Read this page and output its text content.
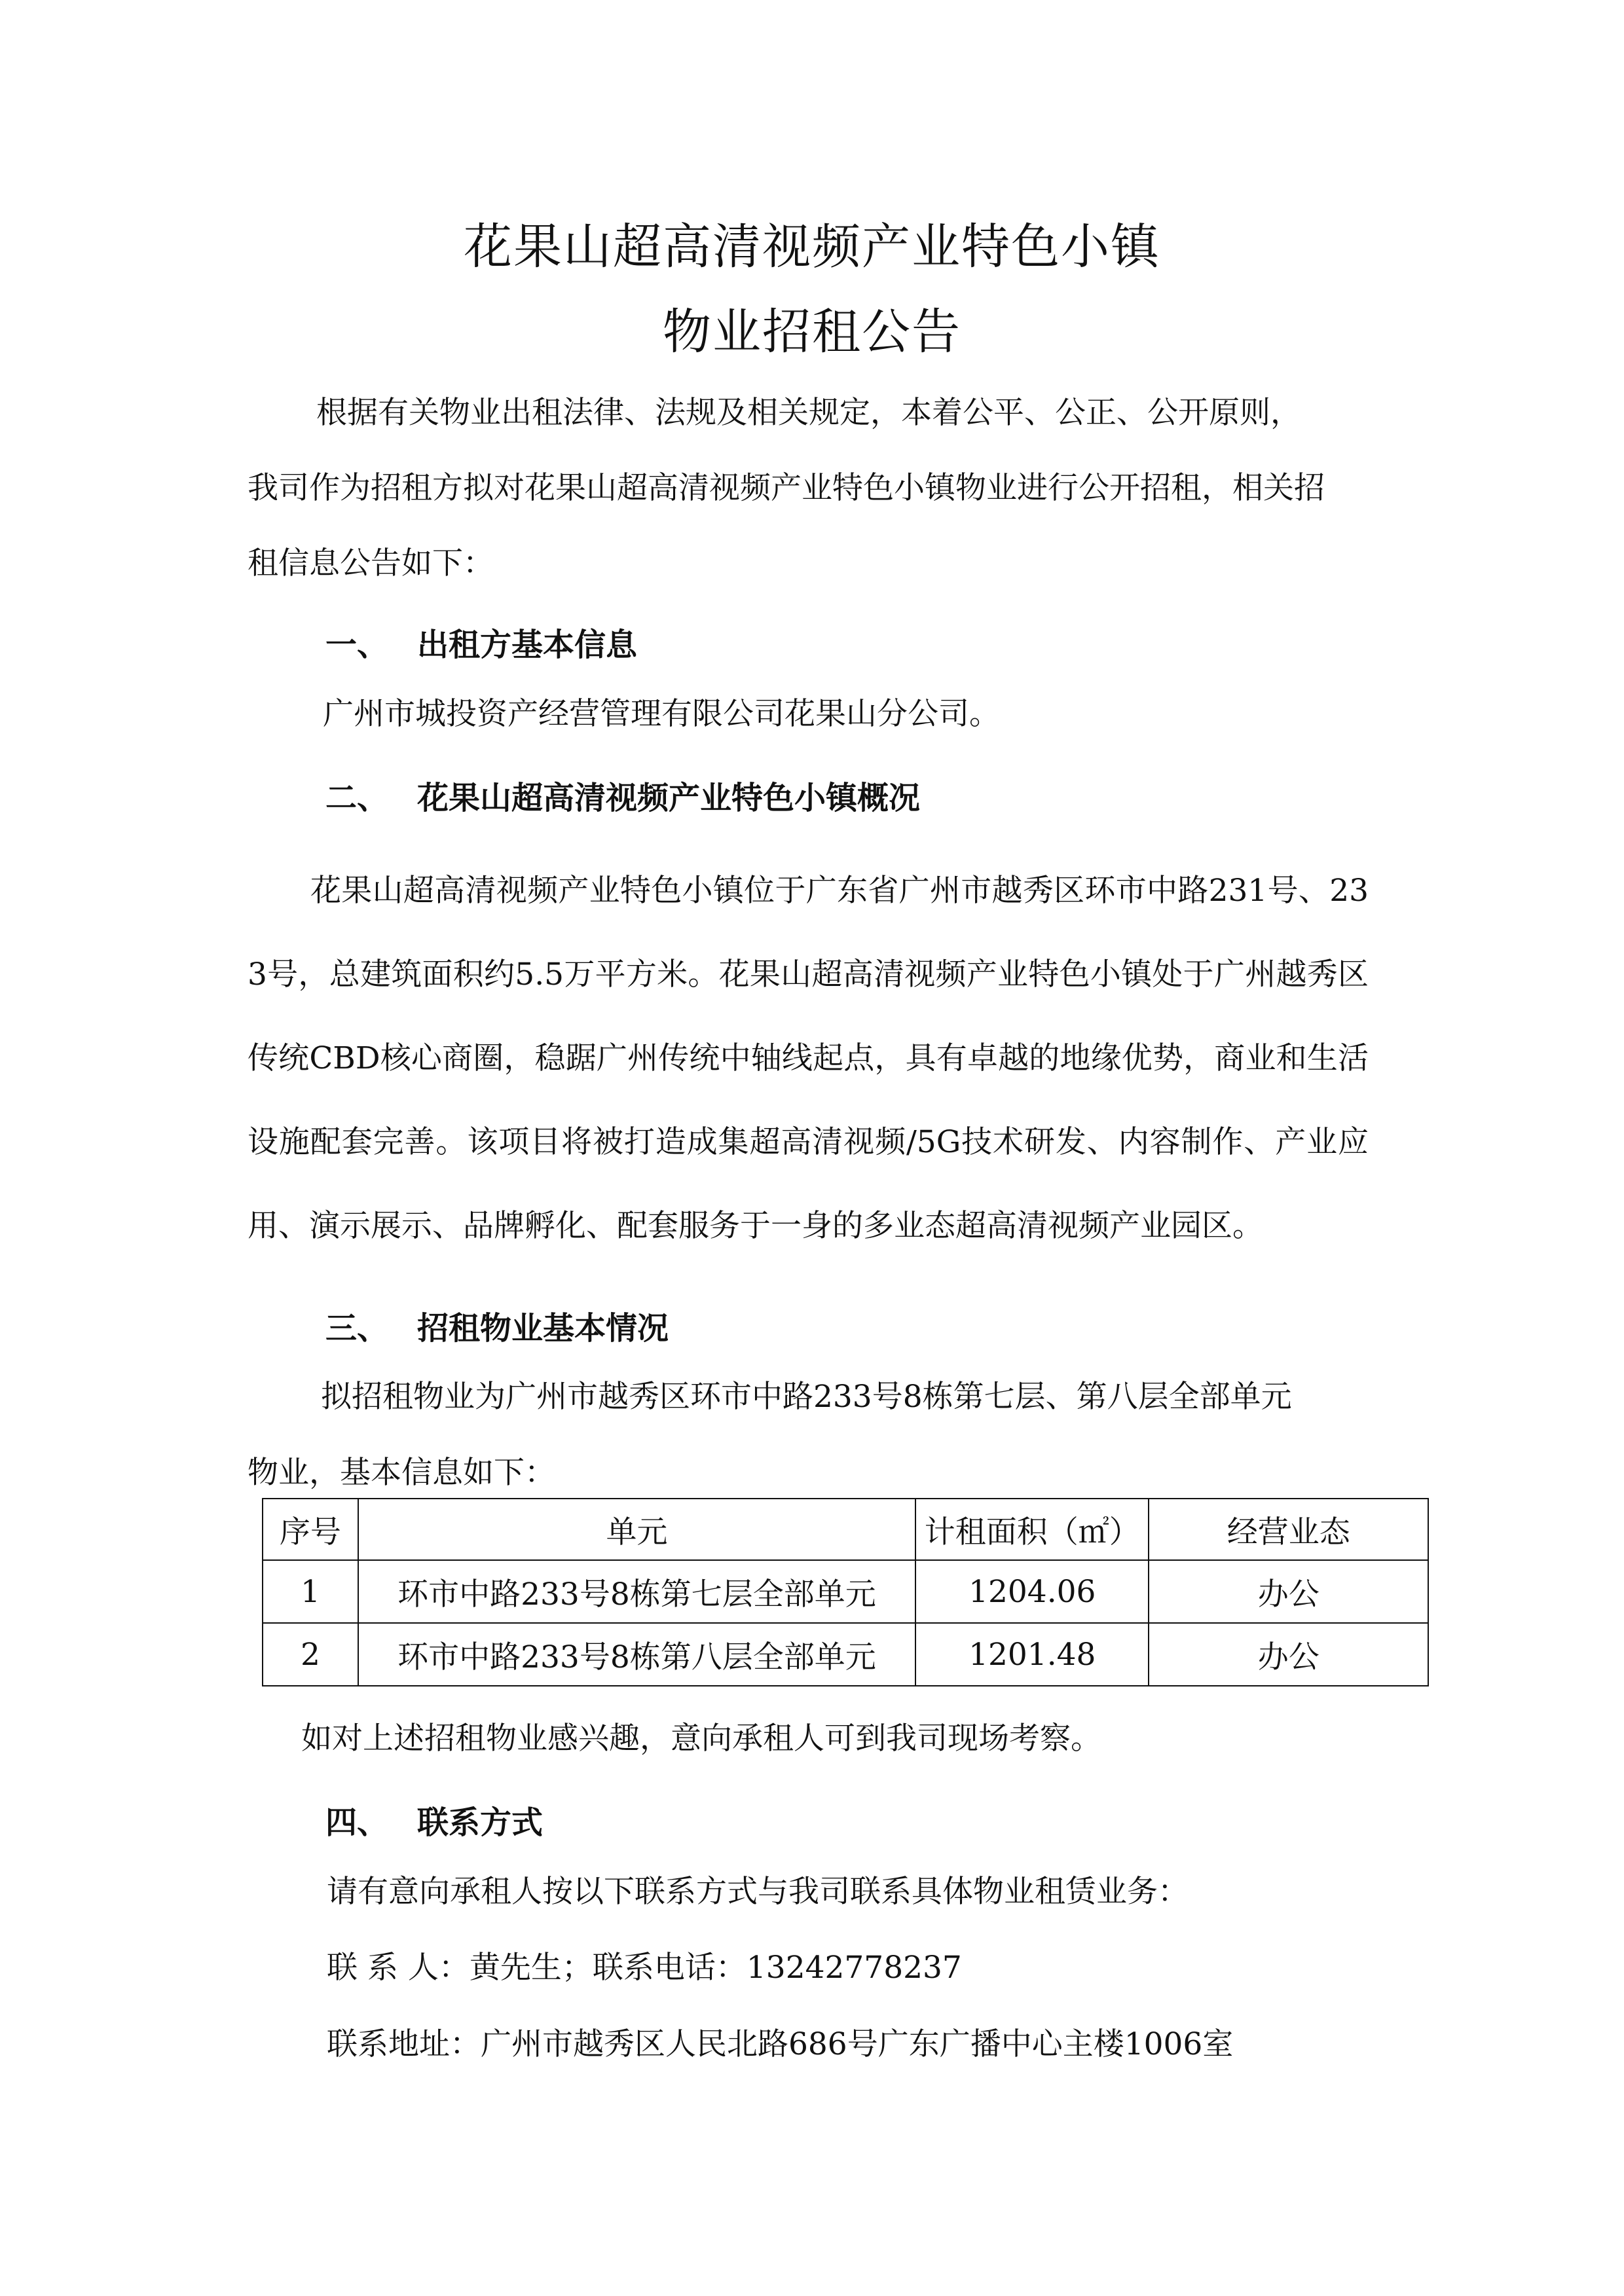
花果山超高清视频产业特色小镇
物业招租公告
根据有关物业出租法律、法规及相关规定，本着公平、公正、公开原则，
我司作为招租方拟对花果山超高清视频产业特色小镇物业进行公开招租，相关招
租信息公告如下：
一、 出租方基本信息
广州市城投资产经营管理有限公司花果山分公司。
二、 花果山超高清视频产业特色小镇概况
花果山超高清视频产业特色小镇位于广东省广州市越秀区环市中路231号、233号，总建筑面积约5.5万平方米。花果山超高清视频产业特色小镇处于广州越秀区传统CBD核心商圈，稳踞广州传统中轴线起点，具有卓越的地缘优势，商业和生活设施配套完善。该项目将被打造成集超高清视频/5G技术研发、内容制作、产业应用、演示展示、品牌孵化、配套服务于一身的多业态超高清视频产业园区。
三、 招租物业基本情况
拟招租物业为广州市越秀区环市中路233号8栋第七层、第八层全部单元
物业，基本信息如下：
序号	单元	计租面积（㎡）	经营业态
1	环市中路233号8栋第七层全部单元	1204.06	办公
2	环市中路233号8栋第八层全部单元	1201.48	办公
如对上述招租物业感兴趣，意向承租人可到我司现场考察。
四、 联系方式
请有意向承租人按以下联系方式与我司联系具体物业租赁业务：
联 系 人：黄先生；联系电话：13242778237
联系地址：广州市越秀区人民北路686号广东广播中心主楼1006室
